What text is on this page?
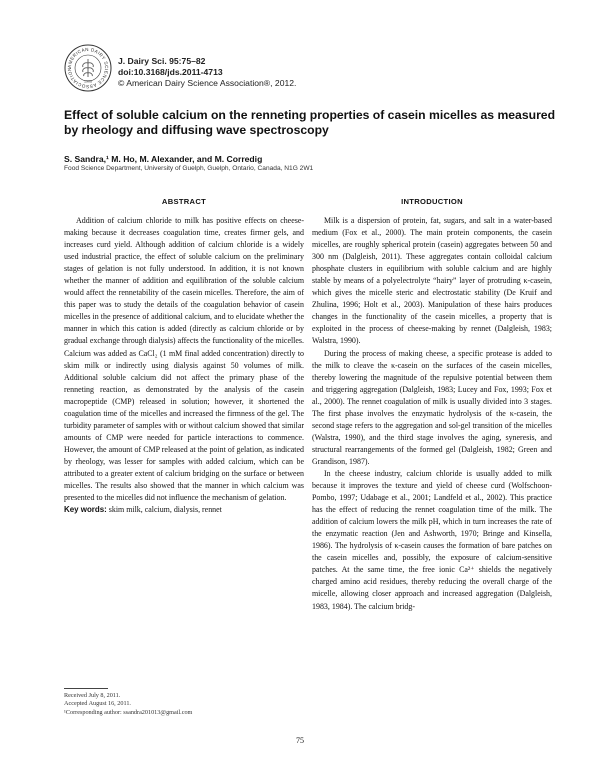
AMERICAN DAIRY SCIENCE ASSOCIATION
1906
J. Dairy Sci. 95:75–82
doi:10.3168/jds.2011-4713
© American Dairy Science Association®, 2012.
Effect of soluble calcium on the renneting properties of casein micelles as measured by rheology and diffusing wave spectroscopy
S. Sandra,¹ M. Ho, M. Alexander, and M. Corredig
Food Science Department, University of Guelph, Guelph, Ontario, Canada, N1G 2W1
ABSTRACT

Addition of calcium chloride to milk has positive effects on cheese-making because it decreases coagulation time, creates firmer gels, and increases curd yield. Although addition of calcium chloride is a widely used industrial practice, the effect of soluble calcium on the preliminary stages of gelation is not fully understood. In addition, it is not known whether the manner of addition and equilibration of the soluble calcium would affect the rennetability of the casein micelles. Therefore, the aim of this paper was to study the details of the coagulation behavior of casein micelles in the presence of additional calcium, and to elucidate whether the manner in which this cation is added (directly as calcium chloride or by gradual exchange through dialysis) affects the functionality of the micelles. Calcium was added as CaCl₂ (1 mM final added concentration) directly to skim milk or indirectly using dialysis against 50 volumes of milk. Additional soluble calcium did not affect the primary phase of the renneting reaction, as demonstrated by the analysis of the casein macropeptide (CMP) released in solution; however, it shortened the coagulation time of the micelles and increased the firmness of the gel. The turbidity parameter of samples with or without calcium showed that similar amounts of CMP were needed for particle interactions to commence. However, the amount of CMP released at the point of gelation, as indicated by rheology, was lesser for samples with added calcium, which can be attributed to a greater extent of calcium bridging on the surface or between micelles. The results also showed that the manner in which calcium was presented to the micelles did not influence the mechanism of gelation.

Key words: skim milk, calcium, dialysis, rennet

INTRODUCTION

Milk is a dispersion of protein, fat, sugars, and salt in a water-based medium (Fox et al., 2000). The main protein components, the casein micelles, are roughly spherical protein (casein) aggregates between 50 and 300 nm (Dalgleish, 2011). These aggregates contain colloidal calcium phosphate clusters in equilibrium with soluble calcium and are highly stable by means of a polyelectrolyte “hairy” layer of protruding κ-casein, which gives the micelle steric and electrostatic stability (De Kruif and Zhulina, 1996; Holt et al., 2003). Manipulation of these hairs produces changes in the functionality of the casein micelles, a property that is exploited in the process of cheese-making by rennet (Dalgleish, 1983; Walstra, 1990).

During the process of making cheese, a specific protease is added to the milk to cleave the κ-casein on the surfaces of the casein micelles, thereby lowering the magnitude of the repulsive potential between them and triggering aggregation (Dalgleish, 1983; Lucey and Fox, 1993; Fox et al., 2000). The rennet coagulation of milk is usually divided into 3 stages. The first phase involves the enzymatic hydrolysis of the κ-casein, the second stage refers to the aggregation and sol-gel transition of the micelles (Walstra, 1990), and the third stage involves the aging, syneresis, and structural rearrangements of the formed gel (Dalgleish, 1982; Green and Grandison, 1987).

In the cheese industry, calcium chloride is usually added to milk because it improves the texture and yield of cheese curd (Wolfschoon-Pombo, 1997; Udabage et al., 2001; Landfeld et al., 2002). This practice has the effect of reducing the rennet coagulation time of the milk. The addition of calcium lowers the milk pH, which in turn increases the rate of the enzymatic reaction (Jen and Ashworth, 1970; Bringe and Kinsella, 1986). The hydrolysis of κ-casein causes the formation of bare patches on the casein micelles and, possibly, the exposure of calcium-sensitive patches. At the same time, the free ionic Ca²⁺ shields the negatively charged amino acid residues, thereby reducing the overall charge of the micelle, allowing closer approach and increased aggregation (Dalgleish, 1983, 1984). The calcium bridg-

Received July 8, 2011.
Accepted August 16, 2011.
¹Corresponding author: ssandra201013@gmail.com
75
